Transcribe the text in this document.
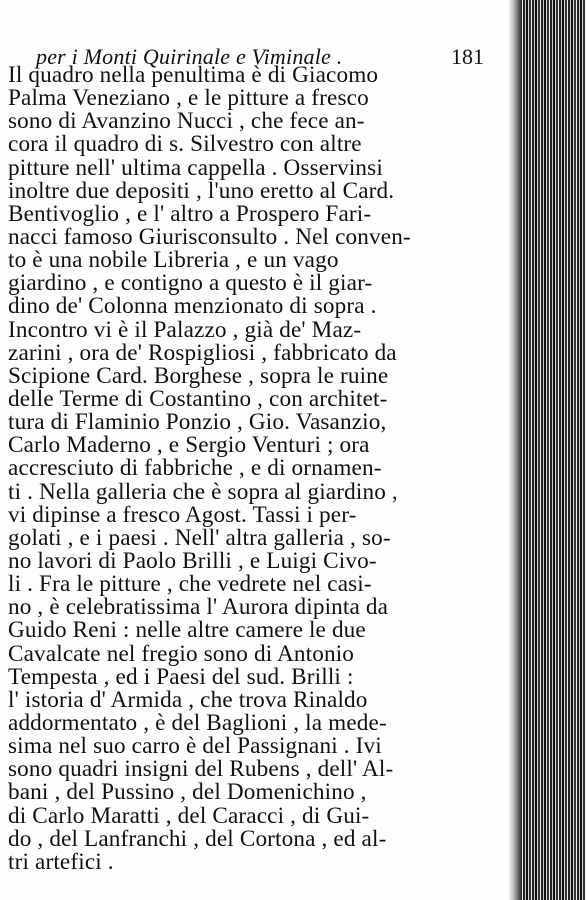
per i Monti Quirinale e Viminale .	181
Il quadro nella penultima è di Giacomo
Palma Veneziano , e le pitture a fresco
sono di Avanzino Nucci , che fece an-
cora il quadro di s. Silvestro con altre
pitture nell' ultima cappella . Osservinsi
inoltre due depositi , l'uno eretto al Card.
Bentivoglio , e l' altro a Prospero Fari-
nacci famoso Giurisconsulto . Nel conven-
to è una nobile Libreria , e un vago
giardino , e contigno a questo è il giar-
dino de' Colonna menzionato di sopra .
Incontro vi è il Palazzo , già de' Maz-
zarini , ora de' Rospigliosi , fabbricato da
Scipione Card. Borghese , sopra le ruine
delle Terme di Costantino , con architet-
tura di Flaminio Ponzio , Gio. Vasanzio,
Carlo Maderno , e Sergio Venturi ; ora
accresciuto di fabbriche , e di ornamen-
ti . Nella galleria che è sopra al giardino ,
vi dipinse a fresco Agost. Tassi i per-
golati , e i paesi . Nell' altra galleria , so-
no lavori di Paolo Brilli , e Luigi Civo-
li . Fra le pitture , che vedrete nel casi-
no , è celebratissima l' Aurora dipinta da
Guido Reni : nelle altre camere le due
Cavalcate nel fregio sono di Antonio
Tempesta , ed i Paesi del sud. Brilli :
l' istoria d' Armida , che trova Rinaldo
addormentato , è del Baglioni , la mede-
sima nel suo carro è del Passignani . Ivi
sono quadri insigni del Rubens , dell' Al-
bani , del Pussino , del Domenichino ,
di Carlo Maratti , del Caracci , di Gui-
do , del Lanfranchi , del Cortona , ed al-
tri artefici .
